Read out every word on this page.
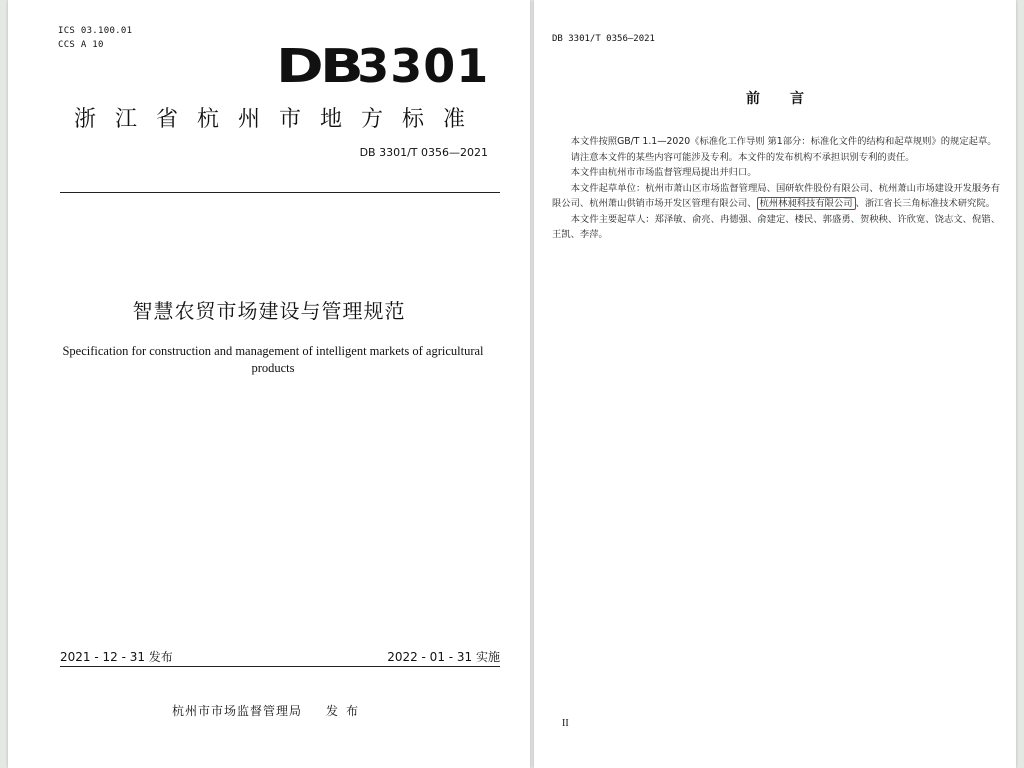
ICS 03.100.01
CCS A 10	DB3301
浙江省杭州市地方标准
DB 3301/T 0356—2021
智慧农贸市场建设与管理规范
Specification for construction and management of intelligent markets of agricultural products
2021 - 12 - 31 发布	2022 - 01 - 31 实施
杭州市市场监督管理局 发布
DB 3301/T 0356—2021
前言

本文件按照GB/T 1.1—2020《标准化工作导则 第1部分：标准化文件的结构和起草规则》的规定起草。

请注意本文件的某些内容可能涉及专利。本文件的发布机构不承担识别专利的责任。

本文件由杭州市市场监督管理局提出并归口。

本文件起草单位：杭州市萧山区市场监督管理局、国研软件股份有限公司、杭州萧山市场建设开发服务有限公司、杭州萧山供销市场开发区管理有限公司、 杭州林昶科技有限公司 、浙江省长三角标准技术研究院。

本文件主要起草人：郑泽敏、俞亮、冉德强、俞建定、楼民、郭盛勇、贺秧秧、许欣宽、饶志文、倪锴、王凯、李萍。

II
